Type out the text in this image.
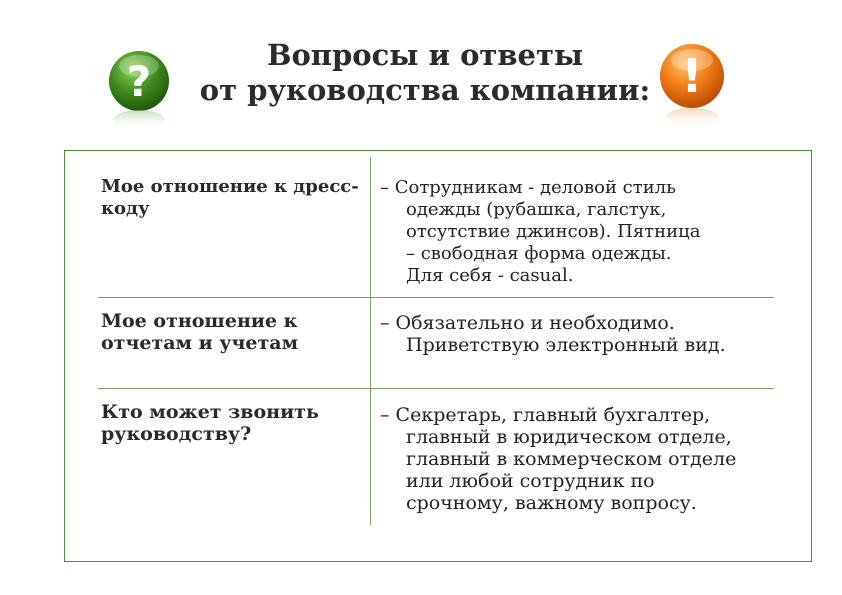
Вопросы и ответы
от руководства компании:
?	!
Мое отношение к дресс-коду
– Сотрудникам - деловой стиль
одежды (рубашка, галстук,
отсутствие джинсов). Пятница
– свободная форма одежды.
Для себя - casual.
Мое отношение к отчетам и учетам
– Обязательно и необходимо.
Приветствую электронный вид.
Кто может звонить руководству?
– Секретарь, главный бухгалтер,
главный в юридическом отделе,
главный в коммерческом отделе
или любой сотрудник по
срочному, важному вопросу.
